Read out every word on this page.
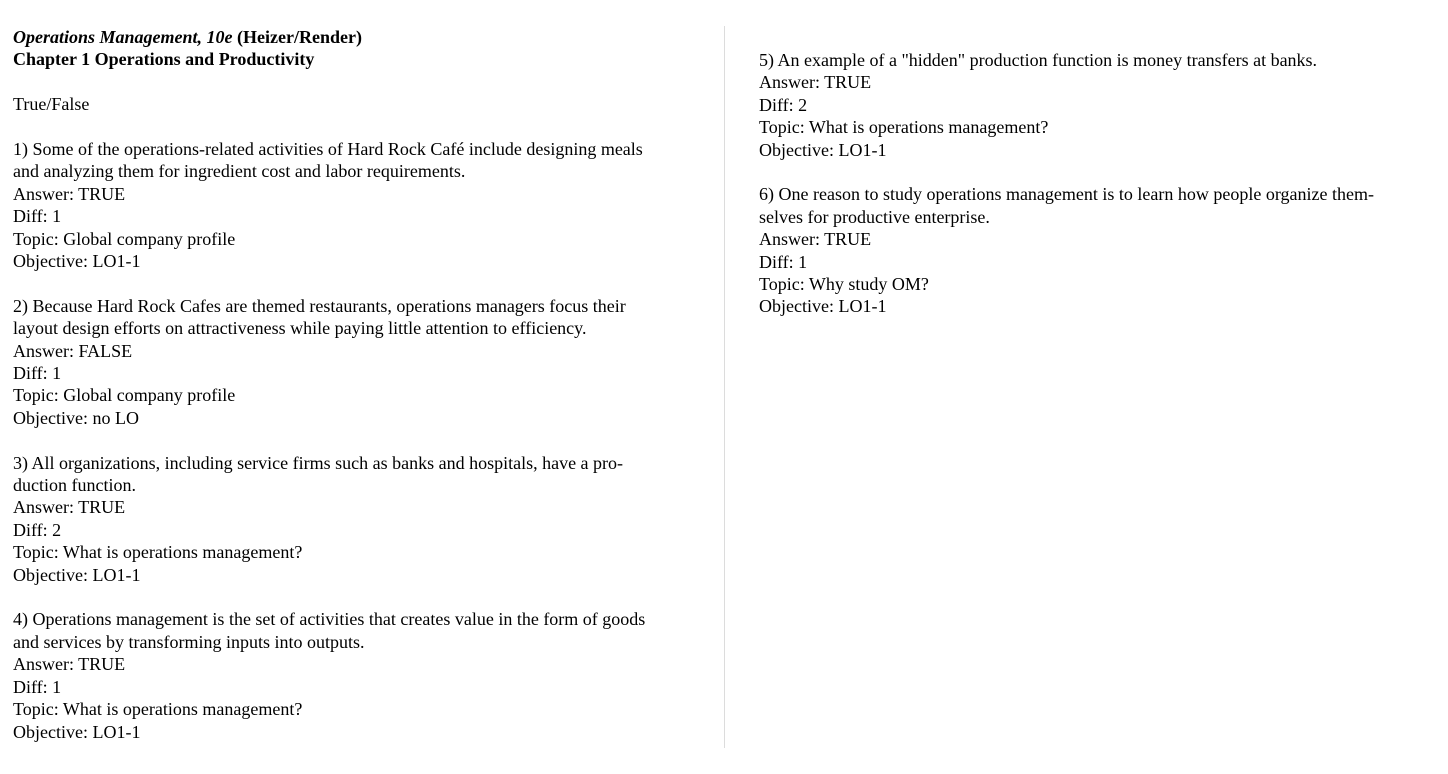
Operations Management, 10e (Heizer/Render)
Chapter 1 Operations and Productivity
True/False
1) Some of the operations-related activities of Hard Rock Café include designing meals
and analyzing them for ingredient cost and labor requirements.
Answer: TRUE
Diff: 1
Topic: Global company profile
Objective: LO1-1
2) Because Hard Rock Cafes are themed restaurants, operations managers focus their
layout design efforts on attractiveness while paying little attention to efficiency.
Answer: FALSE
Diff: 1
Topic: Global company profile
Objective: no LO
3) All organizations, including service firms such as banks and hospitals, have a pro-
duction function.
Answer: TRUE
Diff: 2
Topic: What is operations management?
Objective: LO1-1
4) Operations management is the set of activities that creates value in the form of goods
and services by transforming inputs into outputs.
Answer: TRUE
Diff: 1
Topic: What is operations management?
Objective: LO1-1
5) An example of a "hidden" production function is money transfers at banks.
Answer: TRUE
Diff: 2
Topic: What is operations management?
Objective: LO1-1
6) One reason to study operations management is to learn how people organize them-
selves for productive enterprise.
Answer: TRUE
Diff: 1
Topic: Why study OM?
Objective: LO1-1
